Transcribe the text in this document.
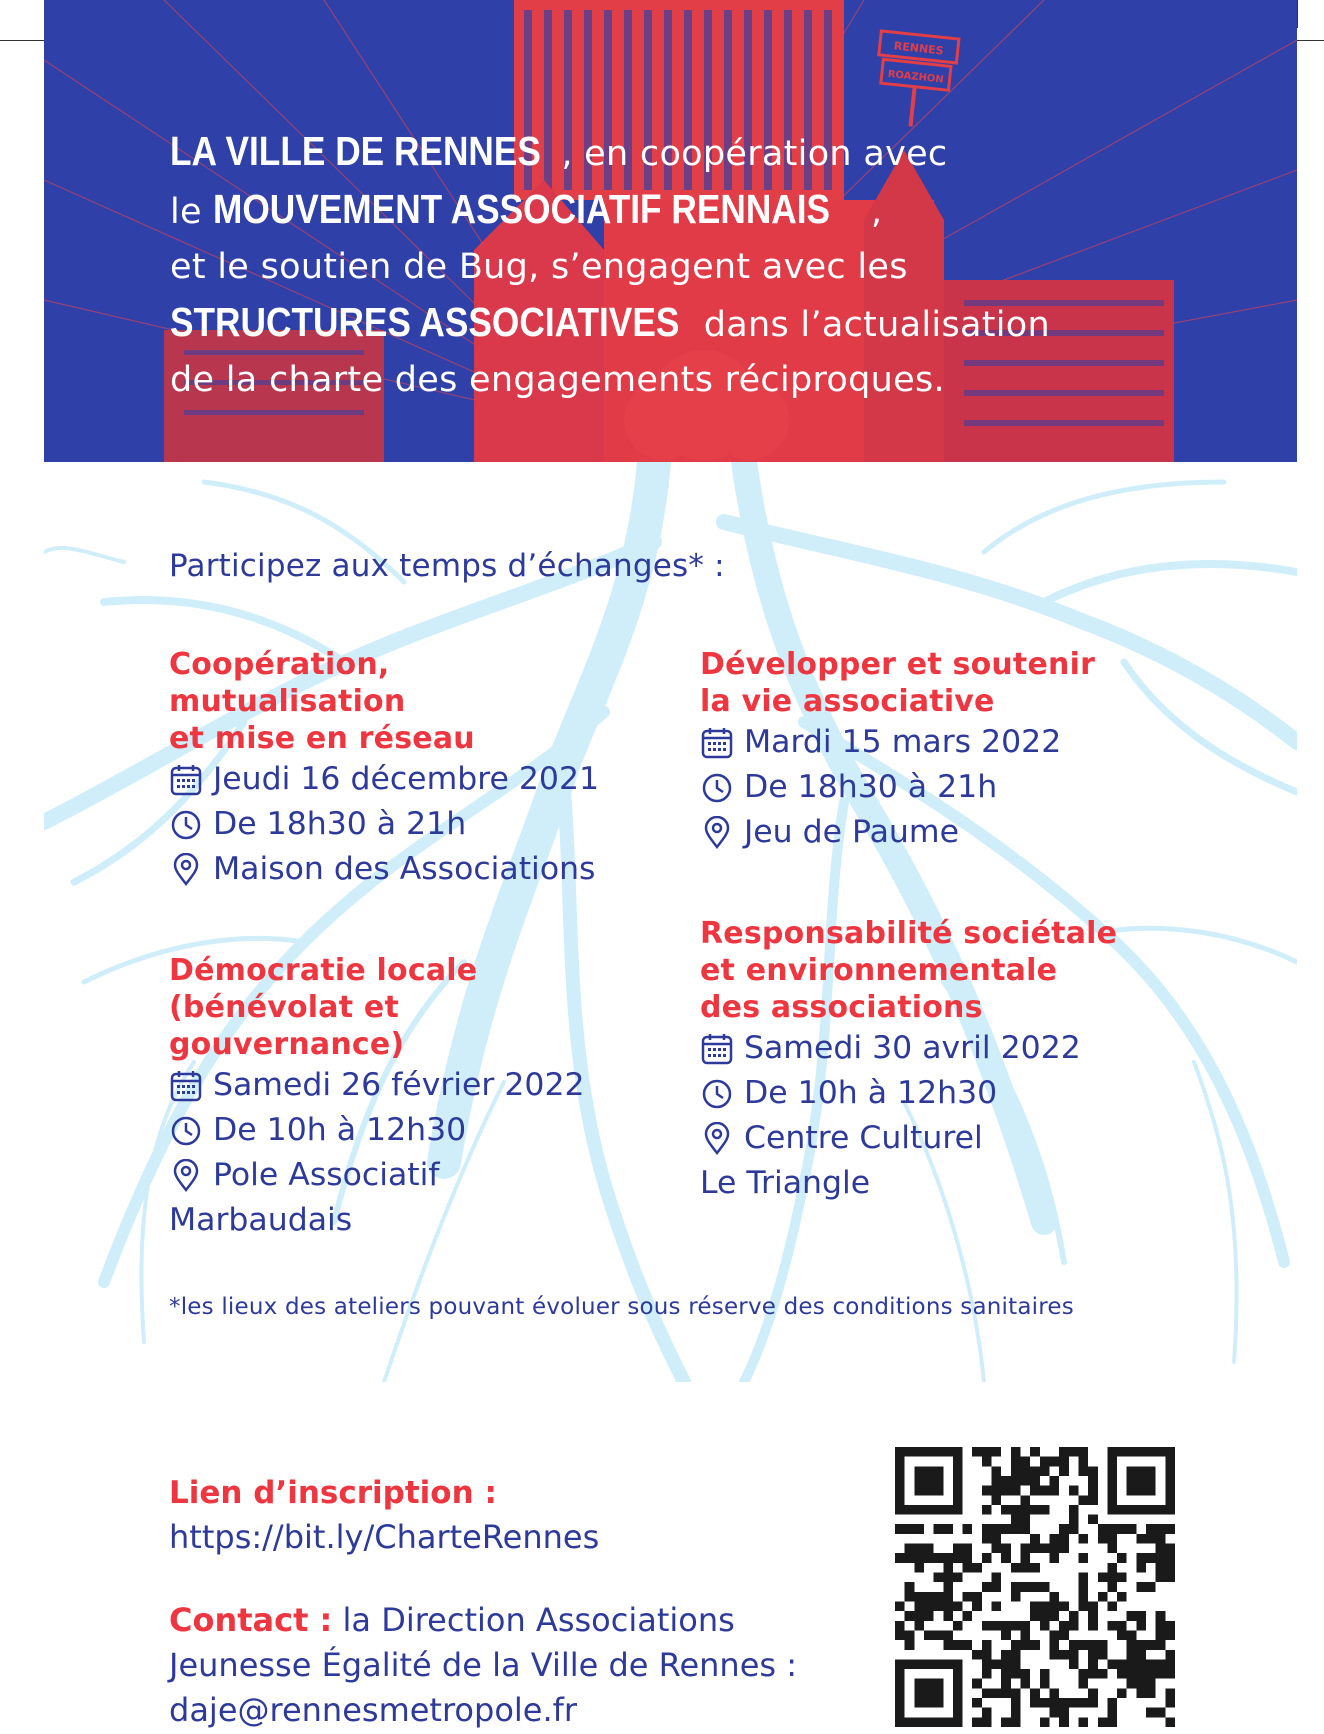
RENNES
ROAZHON
LA VILLE DE RENNES , en coopération avec
le MOUVEMENT ASSOCIATIF RENNAIS ,
et le soutien de Bug, s’engagent avec les
STRUCTURES ASSOCIATIVES dans l’actualisation
de la charte des engagements réciproques.
Participez aux temps d’échanges* :
Coopération,
mutualisation
et mise en réseau
Jeudi 16 décembre 2021
De 18h30 à 21h
Maison des Associations
Développer et soutenir
la vie associative
Mardi 15 mars 2022
De 18h30 à 21h
Jeu de Paume
Démocratie locale
(bénévolat et
gouvernance)
Samedi 26 février 2022
De 10h à 12h30
Pole Associatif
Marbaudais
Responsabilité sociétale
et environnementale
des associations
Samedi 30 avril 2022
De 10h à 12h30
Centre Culturel
Le Triangle
*les lieux des ateliers pouvant évoluer sous réserve des conditions sanitaires
Lien d’inscription :
https://bit.ly/CharteRennes
Contact : la Direction Associations
Jeunesse Égalité de la Ville de Rennes :
daje@rennesmetropole.fr
